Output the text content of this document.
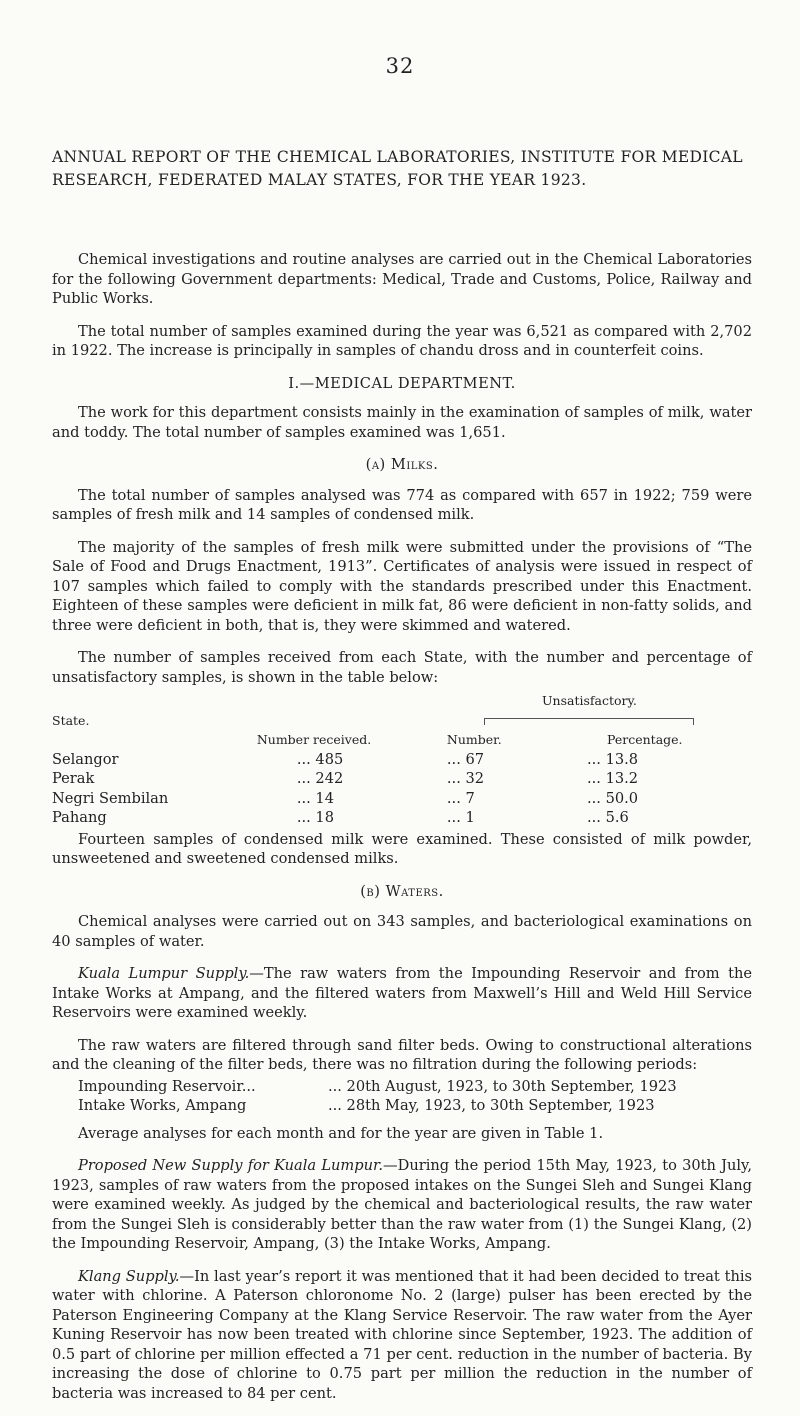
32
ANNUAL REPORT OF THE CHEMICAL LABORATORIES, INSTITUTE FOR MEDICAL RESEARCH, FEDERATED MALAY STATES, FOR THE YEAR 1923.

Chemical investigations and routine analyses are carried out in the Chemical Laboratories for the following Government departments: Medical, Trade and Customs, Police, Railway and Public Works.

The total number of samples examined during the year was 6,521 as compared with 2,702 in 1922. The increase is principally in samples of chandu dross and in counterfeit coins.

I.—MEDICAL DEPARTMENT.

The work for this department consists mainly in the examination of samples of milk, water and toddy. The total number of samples examined was 1,651.

(a) Milks.

The total number of samples analysed was 774 as compared with 657 in 1922; 759 were samples of fresh milk and 14 samples of condensed milk.

The majority of the samples of fresh milk were submitted under the provisions of “The Sale of Food and Drugs Enactment, 1913”. Certificates of analysis were issued in respect of 107 samples which failed to comply with the standards prescribed under this Enactment. Eighteen of these samples were deficient in milk fat, 86 were deficient in non-fatty solids, and three were deficient in both, that is, they were skimmed and watered.

The number of samples received from each State, with the number and percentage of unsatisfactory samples, is shown in the table below:

		Unsatisfactory.	
State.			
	Number received.	Number.	Percentage.
Selangor	... 485	... 67	... 13.8
Perak	... 242	... 32	... 13.2
Negri Sembilan	... 14	... 7	... 50.0
Pahang	... 18	... 1	... 5.6

Fourteen samples of condensed milk were examined. These consisted of milk powder, unsweetened and sweetened condensed milks.

(b) Waters.

Chemical analyses were carried out on 343 samples, and bacteriological examinations on 40 samples of water.

Kuala Lumpur Supply.—The raw waters from the Impounding Reservoir and from the Intake Works at Ampang, and the filtered waters from Maxwell’s Hill and Weld Hill Service Reservoirs were examined weekly.

The raw waters are filtered through sand filter beds. Owing to constructional alterations and the cleaning of the filter beds, there was no filtration during the following periods:

Impounding Reservoir...	... 20th August, 1923, to 30th September, 1923
Intake Works, Ampang	... 28th May, 1923, to 30th September, 1923

Average analyses for each month and for the year are given in Table 1.

Proposed New Supply for Kuala Lumpur.—During the period 15th May, 1923, to 30th July, 1923, samples of raw waters from the proposed intakes on the Sungei Sleh and Sungei Klang were examined weekly. As judged by the chemical and bacteriological results, the raw water from the Sungei Sleh is considerably better than the raw water from (1) the Sungei Klang, (2) the Impounding Reservoir, Ampang, (3) the Intake Works, Ampang.

Klang Supply.—In last year’s report it was mentioned that it had been decided to treat this water with chlorine. A Paterson chloronome No. 2 (large) pulser has been erected by the Paterson Engineering Company at the Klang Service Reservoir. The raw water from the Ayer Kuning Reservoir has now been treated with chlorine since September, 1923. The addition of 0.5 part of chlorine per million effected a 71 per cent. reduction in the number of bacteria. By increasing the dose of chlorine to 0.75 part per million the reduction in the number of bacteria was increased to 84 per cent.
